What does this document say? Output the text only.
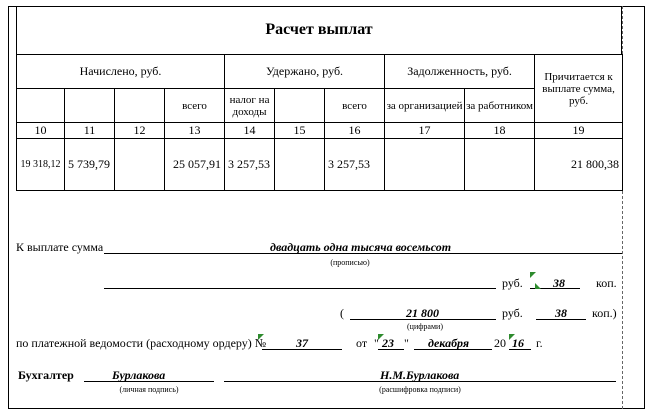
Расчет выплат
Начислено, руб.				Удержано, руб.			Задолженность, руб.		Причитается к выплате сумма, руб.
			всего	налог на доходы		всего	за организацией	за работником	
10	11	12	13	14	15	16	17	18	19
19 318,12	5 739,79		25 057,91	3 257,53		3 257,53			21 800,38
К выплате сумма	двадцать одна тысяча восемьсот
(прописью)
руб.	38	коп.
(	21 800
(цифрами)
руб.	38 коп.)
по платежной ведомости (расходному ордеру) № 37	от " 23 " декабря 20 16 г.
Бухгалтер	Бурлакова
(личная подпись)
Н.М.Бурлакова
(расшифровка подписи)
